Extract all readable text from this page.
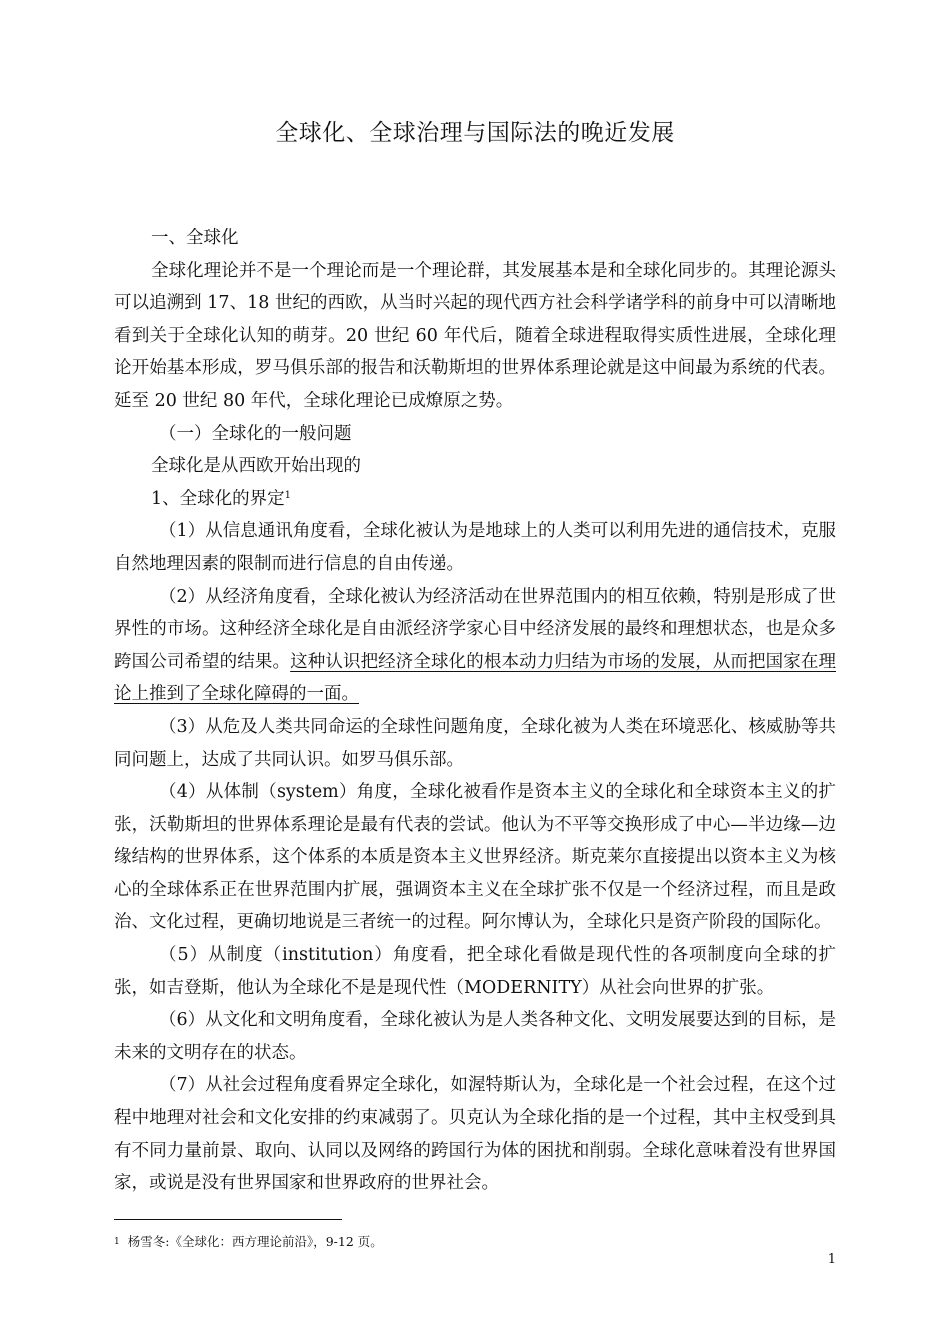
全球化、全球治理与国际法的晚近发展

一、全球化

全球化理论并不是一个理论而是一个理论群，其发展基本是和全球化同步的。其理论源头可以追溯到 17、18 世纪的西欧，从当时兴起的现代西方社会科学诸学科的前身中可以清晰地看到关于全球化认知的萌芽。20 世纪 60 年代后，随着全球进程取得实质性进展，全球化理论开始基本形成，罗马俱乐部的报告和沃勒斯坦的世界体系理论就是这中间最为系统的代表。延至 20 世纪 80 年代，全球化理论已成燎原之势。

（一）全球化的一般问题

全球化是从西欧开始出现的

1、全球化的界定$^1$

（1）从信息通讯角度看，全球化被认为是地球上的人类可以利用先进的通信技术，克服自然地理因素的限制而进行信息的自由传递。

（2）从经济角度看，全球化被认为经济活动在世界范围内的相互依赖，特别是形成了世界性的市场。这种经济全球化是自由派经济学家心目中经济发展的最终和理想状态，也是众多跨国公司希望的结果。这种认识把经济全球化的根本动力归结为市场的发展，从而把国家在理论上推到了全球化障碍的一面。

（3）从危及人类共同命运的全球性问题角度，全球化被为人类在环境恶化、核威胁等共同问题上，达成了共同认识。如罗马俱乐部。

（4）从体制（system）角度，全球化被看作是资本主义的全球化和全球资本主义的扩张，沃勒斯坦的世界体系理论是最有代表的尝试。他认为不平等交换形成了中心—半边缘—边缘结构的世界体系，这个体系的本质是资本主义世界经济。斯克莱尔直接提出以资本主义为核心的全球体系正在世界范围内扩展，强调资本主义在全球扩张不仅是一个经济过程，而且是政治、文化过程，更确切地说是三者统一的过程。阿尔博认为，全球化只是资产阶段的国际化。

（5）从制度（institution）角度看，把全球化看做是现代性的各项制度向全球的扩张，如吉登斯，他认为全球化不是是现代性（MODERNITY）从社会向世界的扩张。

（6）从文化和文明角度看，全球化被认为是人类各种文化、文明发展要达到的目标，是未来的文明存在的状态。

（7）从社会过程角度看界定全球化，如渥特斯认为，全球化是一个社会过程，在这个过程中地理对社会和文化安排的约束减弱了。贝克认为全球化指的是一个过程，其中主权受到具有不同力量前景、取向、认同以及网络的跨国行为体的困扰和削弱。全球化意味着没有世界国家，或说是没有世界国家和世界政府的世界社会。

1 杨雪冬:《全球化：西方理论前沿》，9-12 页。
1
